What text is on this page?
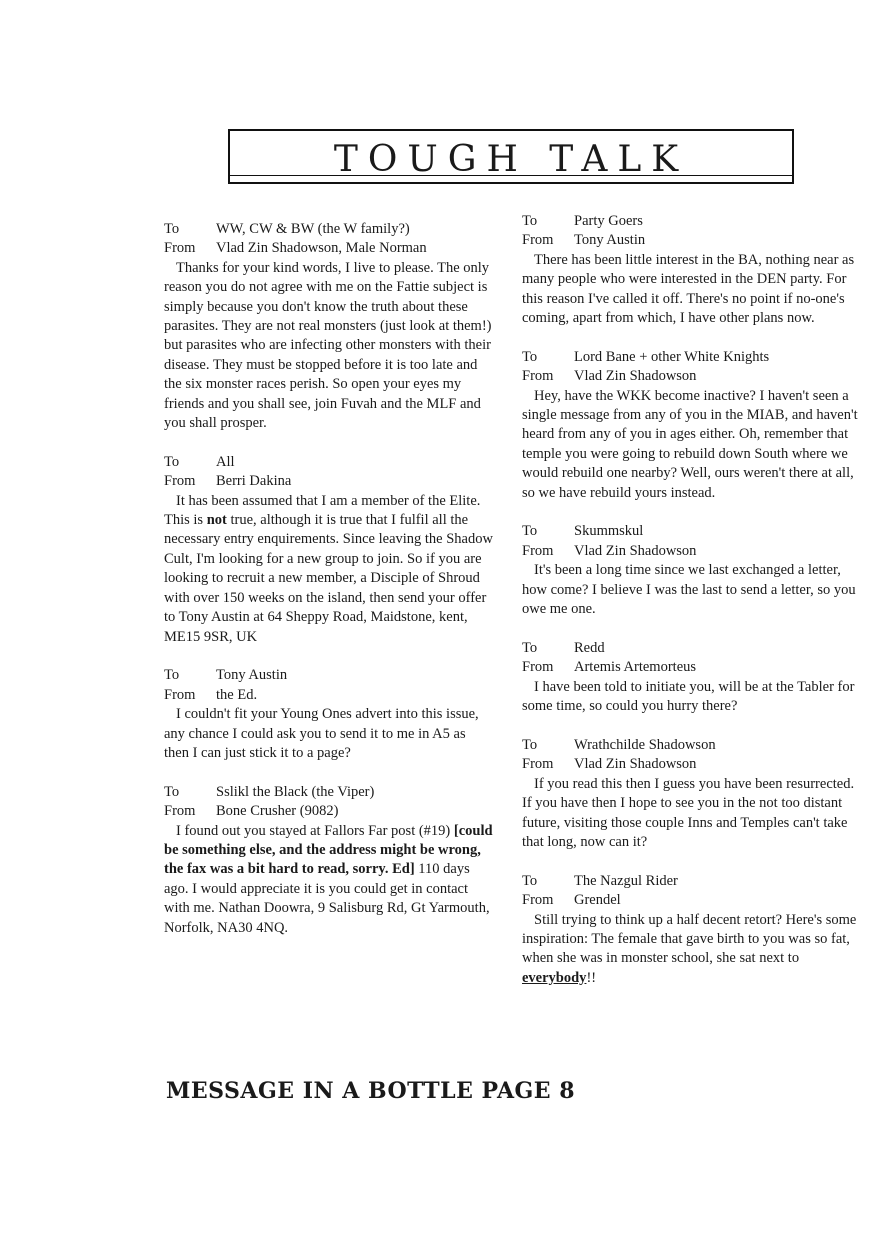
TOUGH TALK
To	WW, CW & BW (the W family?)
From	Vlad Zin Shadowson, Male Norman
Thanks for your kind words, I live to please. The only reason you do not agree with me on the Fattie subject is simply because you don't know the truth about these parasites. They are not real monsters (just look at them!) but parasites who are infecting other monsters with their disease. They must be stopped before it is too late and the six monster races perish. So open your eyes my friends and you shall see, join Fuvah and the MLF and you shall prosper.
To	All
From	Berri Dakina
It has been assumed that I am a member of the Elite. This is not true, although it is true that I fulfil all the necessary entry enquirements. Since leaving the Shadow Cult, I'm looking for a new group to join. So if you are looking to recruit a new member, a Disciple of Shroud with over 150 weeks on the island, then send your offer to Tony Austin at 64 Sheppy Road, Maidstone, kent, ME15 9SR, UK
To	Tony Austin
From	the Ed.
I couldn't fit your Young Ones advert into this issue, any chance I could ask you to send it to me in A5 as then I can just stick it to a page?
To	Sslikl the Black (the Viper)
From	Bone Crusher (9082)
I found out you stayed at Fallors Far post (#19) [could be something else, and the address might be wrong, the fax was a bit hard to read, sorry. Ed] 110 days ago. I would appreciate it is you could get in contact with me. Nathan Doowra, 9 Salisburg Rd, Gt Yarmouth, Norfolk, NA30 4NQ.
To	Party Goers
From	Tony Austin
There has been little interest in the BA, nothing near as many people who were interested in the DEN party. For this reason I've called it off. There's no point if no-one's coming, apart from which, I have other plans now.
To	Lord Bane + other White Knights
From	Vlad Zin Shadowson
Hey, have the WKK become inactive? I haven't seen a single message from any of you in the MIAB, and haven't heard from any of you in ages either. Oh, remember that temple you were going to rebuild down South where we would rebuild one nearby? Well, ours weren't there at all, so we have rebuild yours instead.
To	Skummskul
From	Vlad Zin Shadowson
It's been a long time since we last exchanged a letter, how come? I believe I was the last to send a letter, so you owe me one.
To	Redd
From	Artemis Artemorteus
I have been told to initiate you, will be at the Tabler for some time, so could you hurry there?
To	Wrathchilde Shadowson
From	Vlad Zin Shadowson
If you read this then I guess you have been resurrected. If you have then I hope to see you in the not too distant future, visiting those couple Inns and Temples can't take that long, now can it?
To	The Nazgul Rider
From	Grendel
Still trying to think up a half decent retort? Here's some inspiration: The female that gave birth to you was so fat, when she was in monster school, she sat next to everybody!!
MESSAGE IN A BOTTLE PAGE 8
